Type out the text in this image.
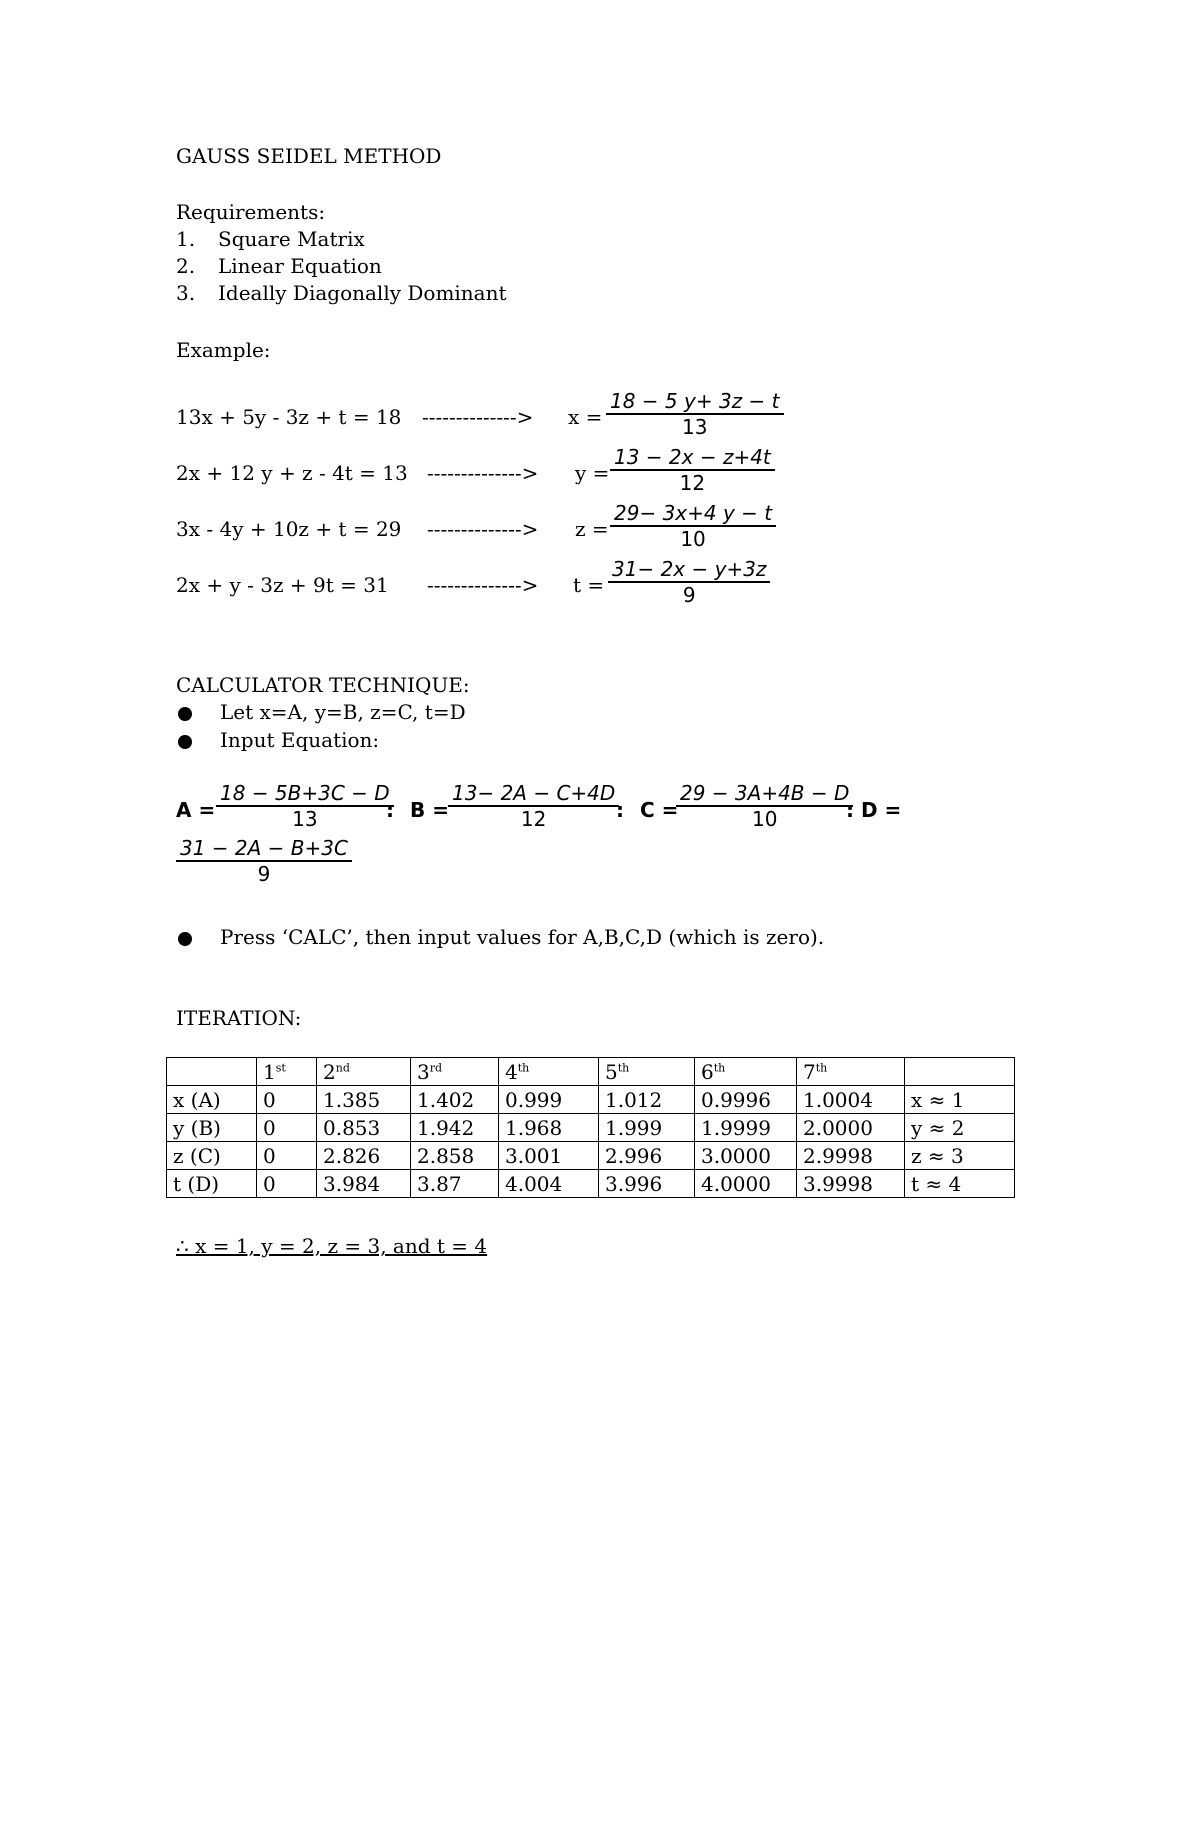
GAUSS SEIDEL METHOD
Requirements:
1. Square Matrix
2. Linear Equation
3. Ideally Diagonally Dominant
Example:
13x + 5y - 3z + t = 18 --------------> $x = \frac{18 - 5 y+ 3z - t}{13}$
2x + 12 y + z - 4t = 13 --------------> $y = \frac{13 - 2x - z+4t}{12}$
3x - 4y + 10z + t = 29 --------------> $z = \frac{29- 3x+4 y - t}{10}$
2x + y - 3z + 9t = 31 --------------> $t = \frac{31- 2x - y+3z}{9}$
CALCULATOR TECHNIQUE:
Let x=A, y=B, z=C, t=D
Input Equation:
$A = \frac{18 - 5B+3C - D}{13}$
: $B = \frac{13- 2A - C+4D}{12}$
: C =
$\frac{29 - 3A+4B - D}{10}$
: D =
$\frac{31 - 2A - B+3C}{9}$
Press ‘CALC’, then input values for A,B,C,D (which is zero).
ITERATION:
	1st	2nd	3rd	4th	5th	6th	7th	
x (A)	0	1.385	1.402	0.999	1.012	0.9996	1.0004	x ≈ 1
y (B)	0	0.853	1.942	1.968	1.999	1.9999	2.0000	y ≈ 2
z (C)	0	2.826	2.858	3.001	2.996	3.0000	2.9998	z ≈ 3
t (D)	0	3.984	3.87	4.004	3.996	4.0000	3.9998	t ≈ 4
∴ x = 1, y = 2, z = 3, and t = 4
